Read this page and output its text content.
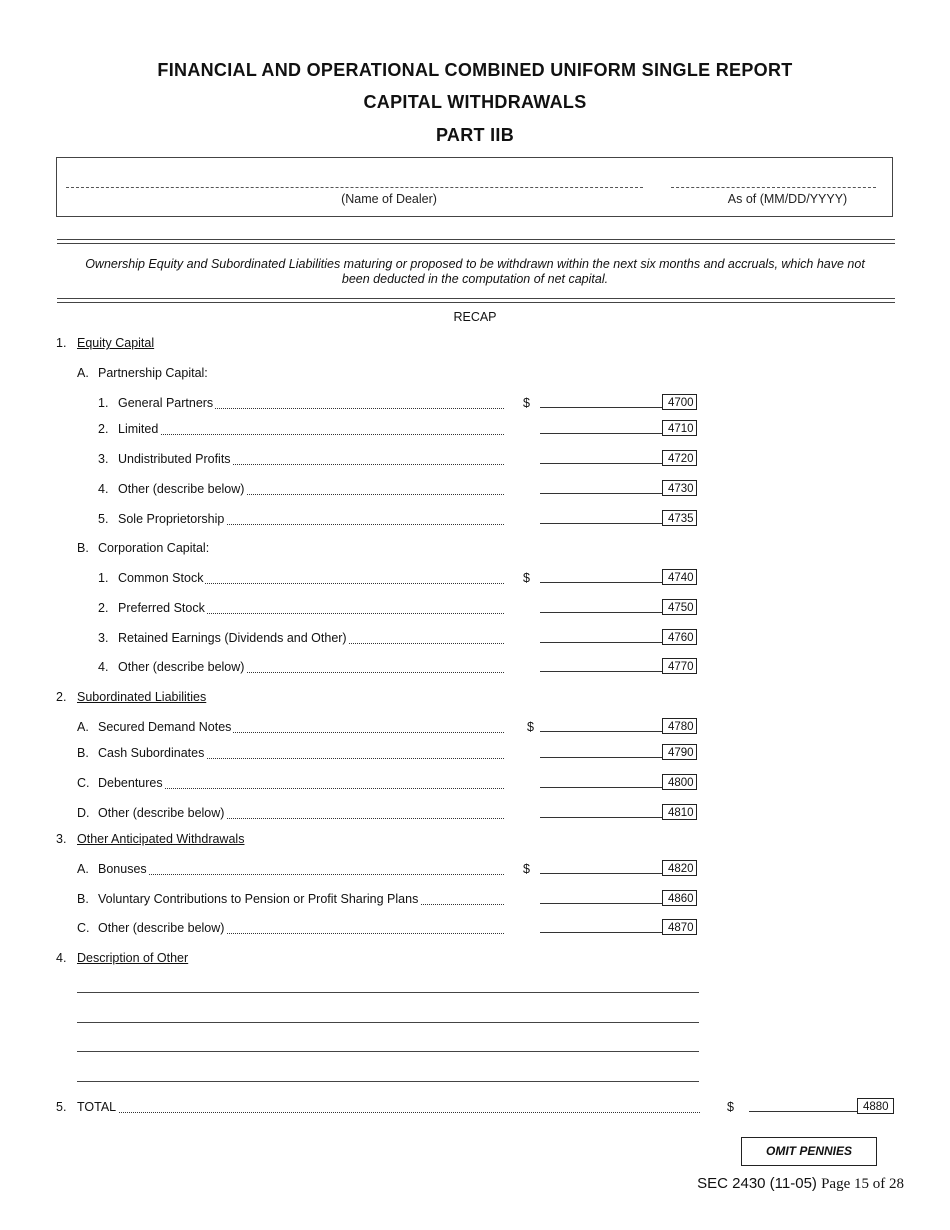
FINANCIAL AND OPERATIONAL COMBINED UNIFORM SINGLE REPORT
CAPITAL WITHDRAWALS
PART IIB
(Name of Dealer)	As of (MM/DD/YYYY)
Ownership Equity and Subordinated Liabilities maturing or proposed to be withdrawn within the next six months and accruals, which have not been deducted in the computation of net capital.
RECAP
1. Equity Capital
A. Partnership Capital:
1. General Partners	$	4700
2. Limited	4710
3. Undistributed Profits	4720
4. Other (describe below)	4730
5. Sole Proprietorship	4735
1. Common Stock	$	4740
2. Preferred Stock	4750
3. Retained Earnings (Dividends and Other)	4760
4. Other (describe below)	4770
A. Secured Demand Notes	$	4780
B. Cash Subordinates	4790
C. Debentures	4800
D. Other (describe below)	4810
A. Bonuses	$	4820
B. Voluntary Contributions to Pension or Profit Sharing Plans	4860
C. Other (describe below)	4870
B. Corporation Capital:
2. Subordinated Liabilities
3. Other Anticipated Withdrawals
4. Description of Other
5. TOTAL	$	4880
OMIT PENNIES
SEC 2430 (11-05) Page 15 of 28
